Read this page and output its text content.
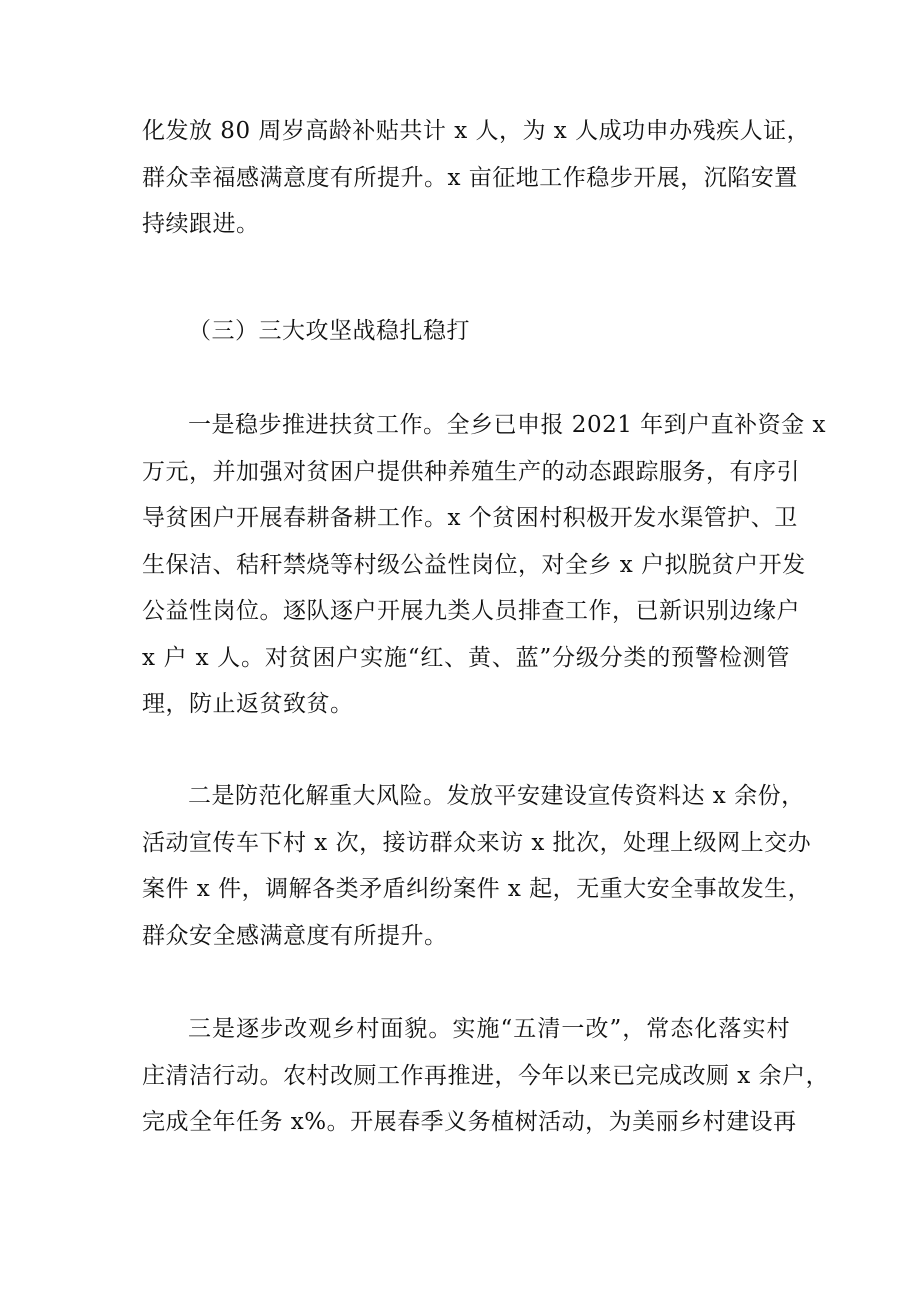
化发放 80 周岁高龄补贴共计 x 人，为 x 人成功申办残疾人证，
群众幸福感满意度有所提升。x 亩征地工作稳步开展，沉陷安置
持续跟进。

（三）三大攻坚战稳扎稳打

一是稳步推进扶贫工作。全乡已申报 2021 年到户直补资金 x
万元，并加强对贫困户提供种养殖生产的动态跟踪服务，有序引
导贫困户开展春耕备耕工作。x 个贫困村积极开发水渠管护、卫
生保洁、秸秆禁烧等村级公益性岗位，对全乡 x 户拟脱贫户开发
公益性岗位。逐队逐户开展九类人员排查工作，已新识别边缘户
x 户 x 人。对贫困户实施“红、黄、蓝”分级分类的预警检测管
理，防止返贫致贫。

二是防范化解重大风险。发放平安建设宣传资料达 x 余份，
活动宣传车下村 x 次，接访群众来访 x 批次，处理上级网上交办
案件 x 件，调解各类矛盾纠纷案件 x 起，无重大安全事故发生，
群众安全感满意度有所提升。

三是逐步改观乡村面貌。实施“五清一改”，常态化落实村
庄清洁行动。农村改厕工作再推进，今年以来已完成改厕 x 余户，
完成全年任务 x%。开展春季义务植树活动，为美丽乡村建设再
